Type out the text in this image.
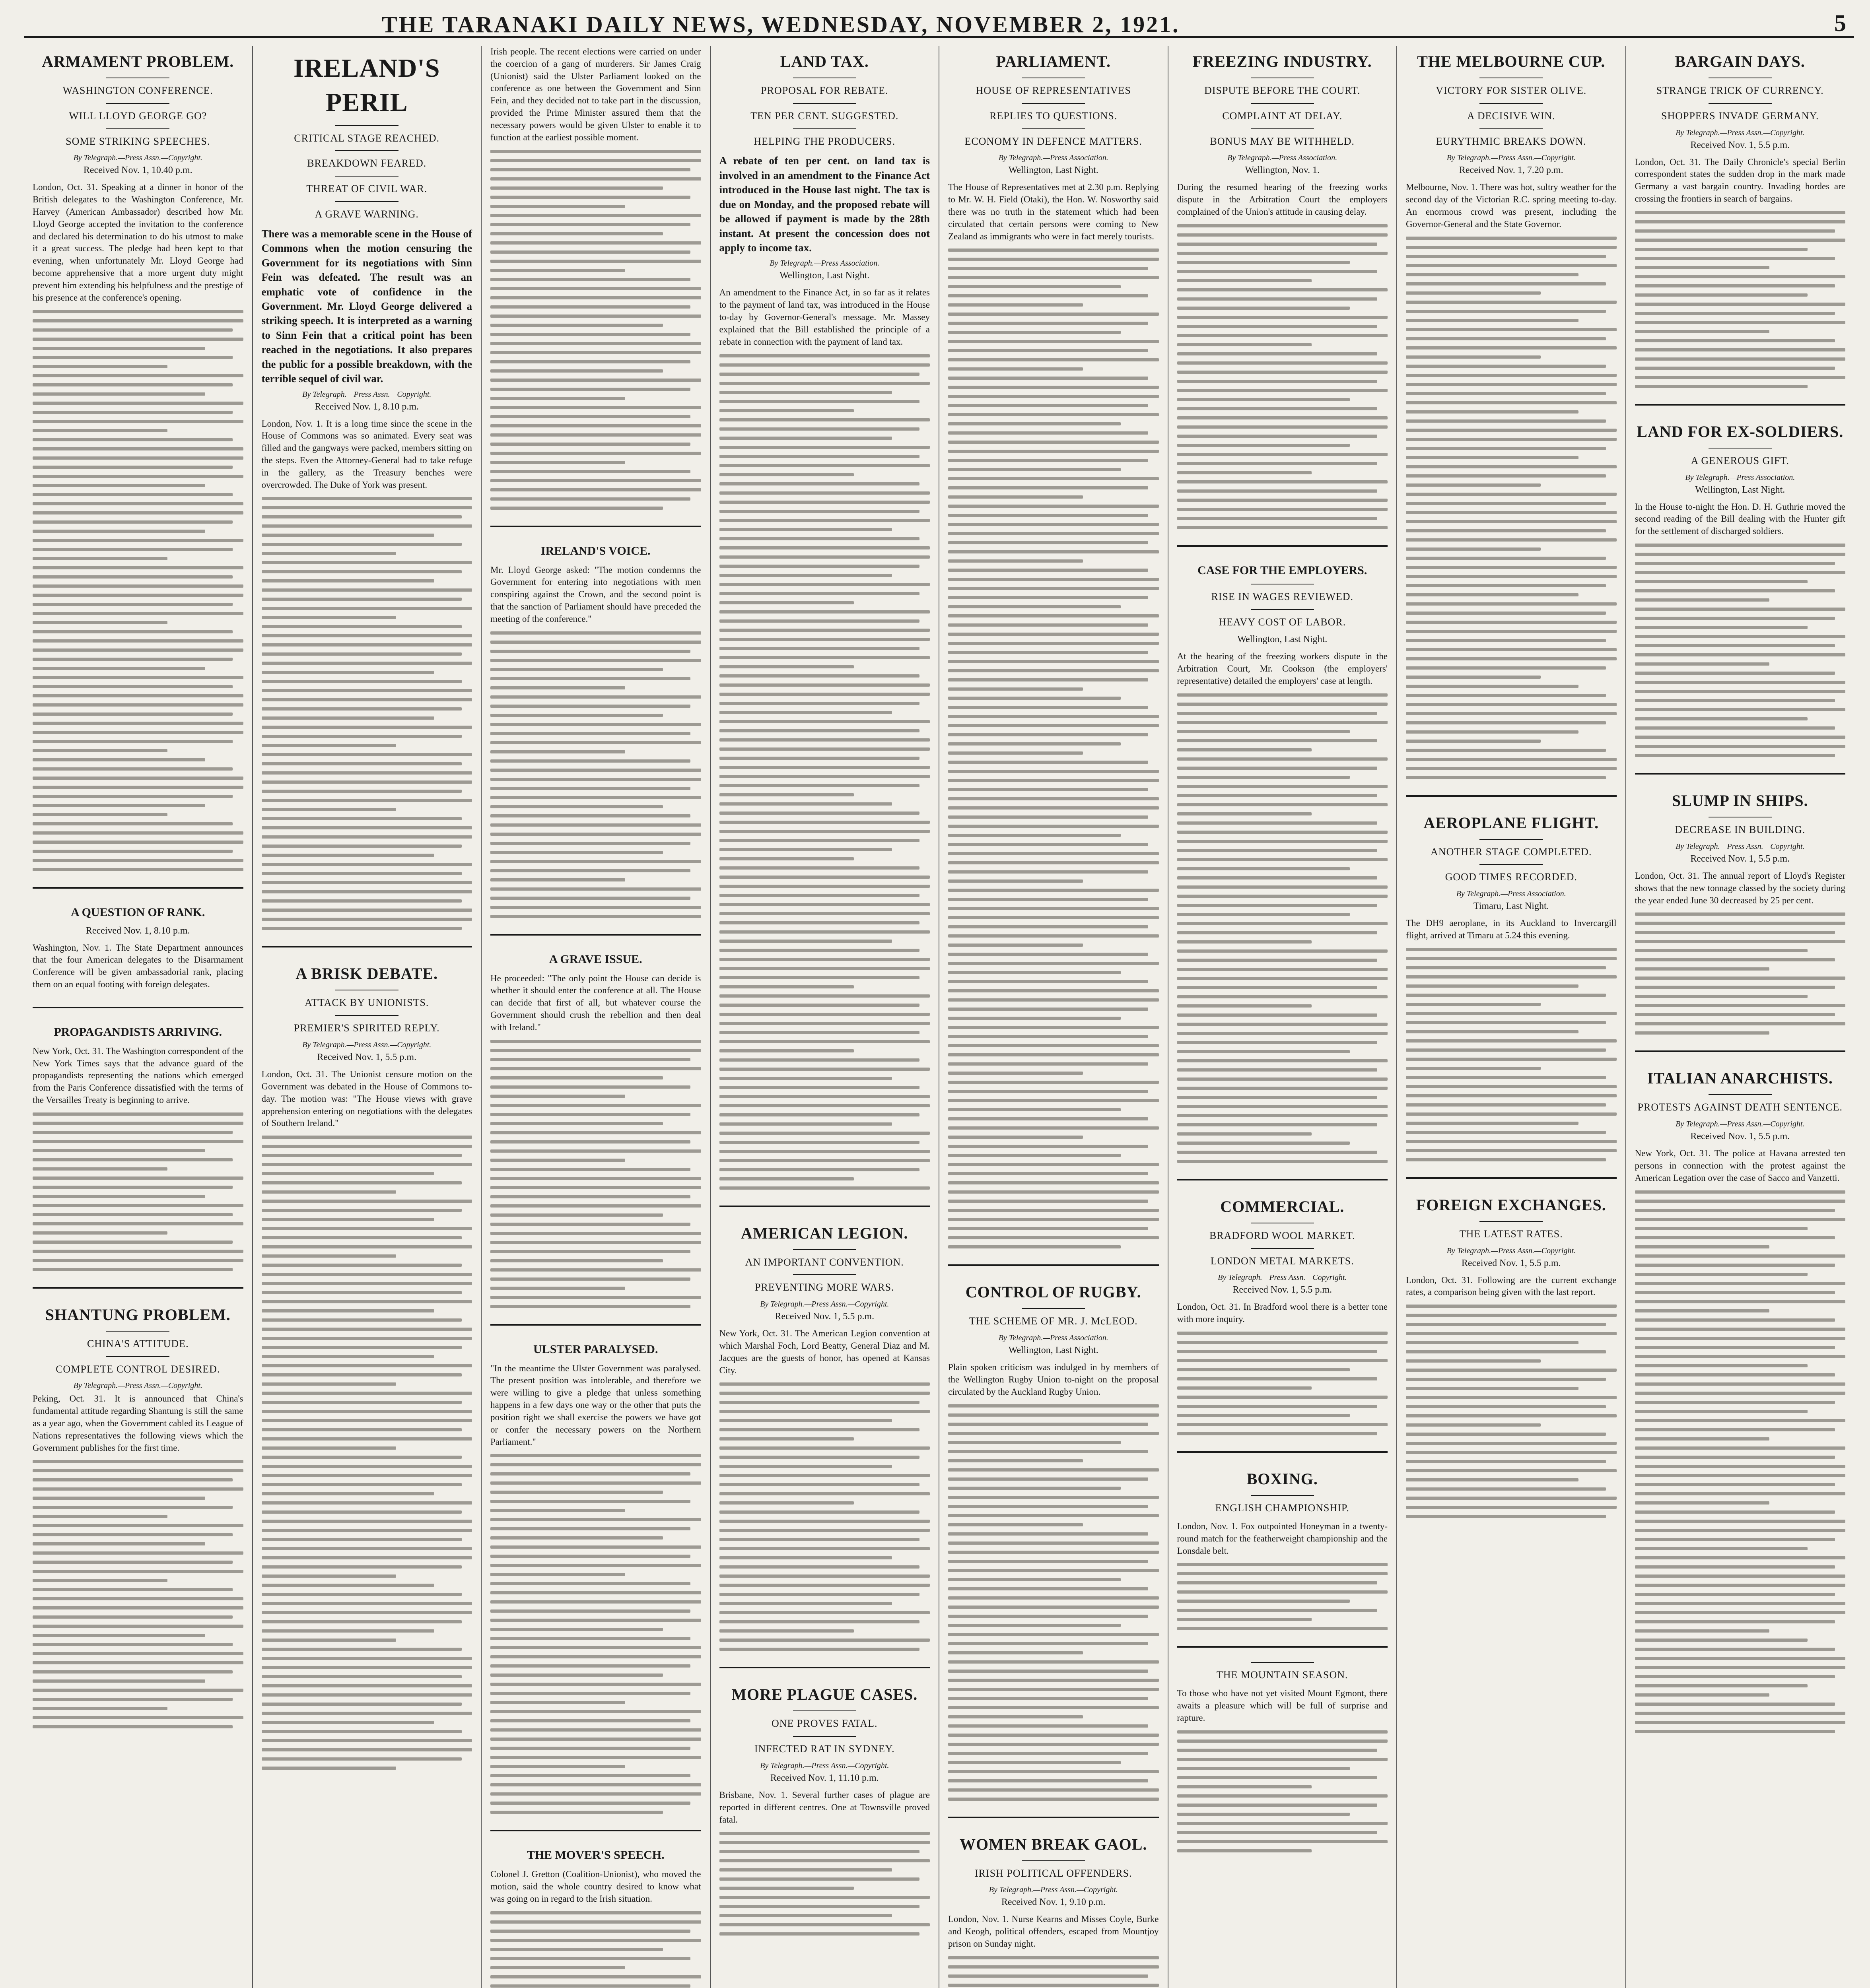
THE TARANAKI DAILY NEWS, WEDNESDAY, NOVEMBER 2, 1921.	5
ARMAMENT PROBLEM.
WASHINGTON CONFERENCE.
WILL LLOYD GEORGE GO?
SOME STRIKING SPEECHES.
By Telegraph.—Press Assn.—Copyright.
Received Nov. 1, 10.40 p.m.

London, Oct. 31. Speaking at a dinner in honor of the British delegates to the Washington Conference, Mr. Harvey (American Ambassador) described how Mr. Lloyd George accepted the invitation to the conference and declared his determination to do his utmost to make it a great success. The pledge had been kept to that evening, when unfortunately Mr. Lloyd George had become apprehensive that a more urgent duty might prevent him extending his helpfulness and the prestige of his presence at the conference's opening.

A QUESTION OF RANK.
Received Nov. 1, 8.10 p.m.

Washington, Nov. 1. The State Department announces that the four American delegates to the Disarmament Conference will be given ambassadorial rank, placing them on an equal footing with foreign delegates.

PROPAGANDISTS ARRIVING.

New York, Oct. 31. The Washington correspondent of the New York Times says that the advance guard of the propagandists representing the nations which emerged from the Paris Conference dissatisfied with the terms of the Versailles Treaty is beginning to arrive.

SHANTUNG PROBLEM.
CHINA'S ATTITUDE.
COMPLETE CONTROL DESIRED.
By Telegraph.—Press Assn.—Copyright.

Peking, Oct. 31. It is announced that China's fundamental attitude regarding Shantung is still the same as a year ago, when the Government cabled its League of Nations representatives the following views which the Government publishes for the first time.

IRELAND'S PERIL
CRITICAL STAGE REACHED.
BREAKDOWN FEARED.
THREAT OF CIVIL WAR.
A GRAVE WARNING.

There was a memorable scene in the House of Commons when the motion censuring the Government for its negotiations with Sinn Fein was defeated. The result was an emphatic vote of confidence in the Government. Mr. Lloyd George delivered a striking speech. It is interpreted as a warning to Sinn Fein that a critical point has been reached in the negotiations. It also prepares the public for a possible breakdown, with the terrible sequel of civil war.

By Telegraph.—Press Assn.—Copyright.
Received Nov. 1, 8.10 p.m.

London, Nov. 1. It is a long time since the scene in the House of Commons was so animated. Every seat was filled and the gangways were packed, members sitting on the steps. Even the Attorney-General had to take refuge in the gallery, as the Treasury benches were overcrowded. The Duke of York was present.

A BRISK DEBATE.
ATTACK BY UNIONISTS.
PREMIER'S SPIRITED REPLY.
By Telegraph.—Press Assn.—Copyright.
Received Nov. 1, 5.5 p.m.

London, Oct. 31. The Unionist censure motion on the Government was debated in the House of Commons to-day. The motion was: "The House views with grave apprehension entering on negotiations with the delegates of Southern Ireland."

Irish people. The recent elections were carried on under the coercion of a gang of murderers. Sir James Craig (Unionist) said the Ulster Parliament looked on the conference as one between the Government and Sinn Fein, and they decided not to take part in the discussion, provided the Prime Minister assured them that the necessary powers would be given Ulster to enable it to function at the earliest possible moment.

IRELAND'S VOICE.

Mr. Lloyd George asked: "The motion condemns the Government for entering into negotiations with men conspiring against the Crown, and the second point is that the sanction of Parliament should have preceded the meeting of the conference."

A GRAVE ISSUE.

He proceeded: "The only point the House can decide is whether it should enter the conference at all. The House can decide that first of all, but whatever course the Government should crush the rebellion and then deal with Ireland."

ULSTER PARALYSED.

"In the meantime the Ulster Government was paralysed. The present position was intolerable, and therefore we were willing to give a pledge that unless something happens in a few days one way or the other that puts the position right we shall exercise the powers we have got or confer the necessary powers on the Northern Parliament."

THE MOVER'S SPEECH.

Colonel J. Gretton (Coalition-Unionist), who moved the motion, said the whole country desired to know what was going on in regard to the Irish situation.

LAND TAX.
PROPOSAL FOR REBATE.
TEN PER CENT. SUGGESTED.
HELPING THE PRODUCERS.

A rebate of ten per cent. on land tax is involved in an amendment to the Finance Act introduced in the House last night. The tax is due on Monday, and the proposed rebate will be allowed if payment is made by the 28th instant. At present the concession does not apply to income tax.

By Telegraph.—Press Association.
Wellington, Last Night.

An amendment to the Finance Act, in so far as it relates to the payment of land tax, was introduced in the House to-day by Governor-General's message. Mr. Massey explained that the Bill established the principle of a rebate in connection with the payment of land tax.

AMERICAN LEGION.
AN IMPORTANT CONVENTION.
PREVENTING MORE WARS.
By Telegraph.—Press Assn.—Copyright.
Received Nov. 1, 5.5 p.m.

New York, Oct. 31. The American Legion convention at which Marshal Foch, Lord Beatty, General Diaz and M. Jacques are the guests of honor, has opened at Kansas City.

MORE PLAGUE CASES.
ONE PROVES FATAL.
INFECTED RAT IN SYDNEY.
By Telegraph.—Press Assn.—Copyright.
Received Nov. 1, 11.10 p.m.

Brisbane, Nov. 1. Several further cases of plague are reported in different centres. One at Townsville proved fatal.

PARLIAMENT.
HOUSE OF REPRESENTATIVES
REPLIES TO QUESTIONS.
ECONOMY IN DEFENCE MATTERS.
By Telegraph.—Press Association.
Wellington, Last Night.

The House of Representatives met at 2.30 p.m. Replying to Mr. W. H. Field (Otaki), the Hon. W. Nosworthy said there was no truth in the statement which had been circulated that certain persons were coming to New Zealand as immigrants who were in fact merely tourists.

CONTROL OF RUGBY.
THE SCHEME OF MR. J. McLEOD.
By Telegraph.—Press Association.
Wellington, Last Night.

Plain spoken criticism was indulged in by members of the Wellington Rugby Union to-night on the proposal circulated by the Auckland Rugby Union.

WOMEN BREAK GAOL.
IRISH POLITICAL OFFENDERS.
By Telegraph.—Press Assn.—Copyright.
Received Nov. 1, 9.10 p.m.

London, Nov. 1. Nurse Kearns and Misses Coyle, Burke and Keogh, political offenders, escaped from Mountjoy prison on Sunday night.

FREEZING INDUSTRY.
DISPUTE BEFORE THE COURT.
COMPLAINT AT DELAY.
BONUS MAY BE WITHHELD.
By Telegraph.—Press Association.
Wellington, Nov. 1.

During the resumed hearing of the freezing works dispute in the Arbitration Court the employers complained of the Union's attitude in causing delay.

CASE FOR THE EMPLOYERS.
RISE IN WAGES REVIEWED.
HEAVY COST OF LABOR.
Wellington, Last Night.

At the hearing of the freezing workers dispute in the Arbitration Court, Mr. Cookson (the employers' representative) detailed the employers' case at length.

COMMERCIAL.
BRADFORD WOOL MARKET.
LONDON METAL MARKETS.
By Telegraph.—Press Assn.—Copyright.
Received Nov. 1, 5.5 p.m.

London, Oct. 31. In Bradford wool there is a better tone with more inquiry.

BOXING.
ENGLISH CHAMPIONSHIP.

London, Nov. 1. Fox outpointed Honeyman in a twenty-round match for the featherweight championship and the Lonsdale belt.

THE MOUNTAIN SEASON.

To those who have not yet visited Mount Egmont, there awaits a pleasure which will be full of surprise and rapture.

THE MELBOURNE CUP.
VICTORY FOR SISTER OLIVE.
A DECISIVE WIN.
EURYTHMIC BREAKS DOWN.
By Telegraph.—Press Assn.—Copyright.
Received Nov. 1, 7.20 p.m.

Melbourne, Nov. 1. There was hot, sultry weather for the second day of the Victorian R.C. spring meeting to-day. An enormous crowd was present, including the Governor-General and the State Governor.

AEROPLANE FLIGHT.
ANOTHER STAGE COMPLETED.
GOOD TIMES RECORDED.
By Telegraph.—Press Association.
Timaru, Last Night.

The DH9 aeroplane, in its Auckland to Invercargill flight, arrived at Timaru at 5.24 this evening.

FOREIGN EXCHANGES.
THE LATEST RATES.
By Telegraph.—Press Assn.—Copyright.
Received Nov. 1, 5.5 p.m.

London, Oct. 31. Following are the current exchange rates, a comparison being given with the last report.

BARGAIN DAYS.
STRANGE TRICK OF CURRENCY.
SHOPPERS INVADE GERMANY.
By Telegraph.—Press Assn.—Copyright.
Received Nov. 1, 5.5 p.m.

London, Oct. 31. The Daily Chronicle's special Berlin correspondent states the sudden drop in the mark made Germany a vast bargain country. Invading hordes are crossing the frontiers in search of bargains.

LAND FOR EX-SOLDIERS.
A GENEROUS GIFT.
By Telegraph.—Press Association.
Wellington, Last Night.

In the House to-night the Hon. D. H. Guthrie moved the second reading of the Bill dealing with the Hunter gift for the settlement of discharged soldiers.

SLUMP IN SHIPS.
DECREASE IN BUILDING.
By Telegraph.—Press Assn.—Copyright.
Received Nov. 1, 5.5 p.m.

London, Oct. 31. The annual report of Lloyd's Register shows that the new tonnage classed by the society during the year ended June 30 decreased by 25 per cent.

ITALIAN ANARCHISTS.
PROTESTS AGAINST DEATH SENTENCE.
By Telegraph.—Press Assn.—Copyright.
Received Nov. 1, 5.5 p.m.

New York, Oct. 31. The police at Havana arrested ten persons in connection with the protest against the American Legation over the case of Sacco and Vanzetti.
